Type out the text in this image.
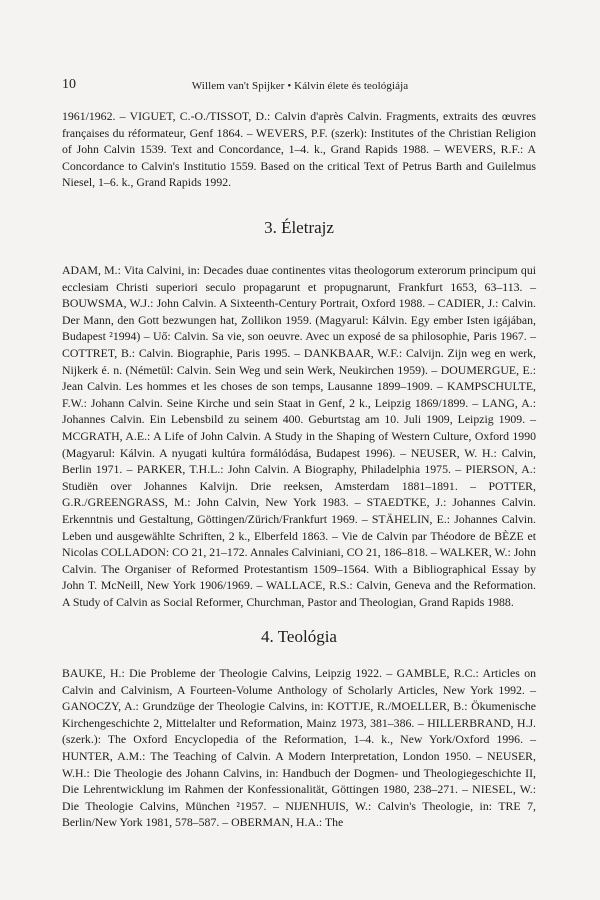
10	Willem van't Spijker • Kálvin élete és teológiája

1961/1962. – VIGUET, C.-O./TISSOT, D.: Calvin d'après Calvin. Fragments, extraits des œuvres françaises du réformateur, Genf 1864. – WEVERS, P.F. (szerk): Institutes of the Christian Religion of John Calvin 1539. Text and Concordance, 1–4. k., Grand Rapids 1988. – WEVERS, R.F.: A Concordance to Calvin's Institutio 1559. Based on the critical Text of Petrus Barth and Guilelmus Niesel, 1–6. k., Grand Rapids 1992.

3. Életrajz

ADAM, M.: Vita Calvini, in: Decades duae continentes vitas theologorum exterorum principum qui ecclesiam Christi superiori seculo propagarunt et propugnarunt, Frankfurt 1653, 63–113. – BOUWSMA, W.J.: John Calvin. A Sixteenth-Century Portrait, Oxford 1988. – CADIER, J.: Calvin. Der Mann, den Gott bezwungen hat, Zollikon 1959. (Magyarul: Kálvin. Egy ember Isten igájában, Budapest ²1994) – Uő: Calvin. Sa vie, son oeuvre. Avec un exposé de sa philosophie, Paris 1967. – COTTRET, B.: Calvin. Biographie, Paris 1995. – DANKBAAR, W.F.: Calvijn. Zijn weg en werk, Nijkerk é. n. (Németül: Calvin. Sein Weg und sein Werk, Neukirchen 1959). – DOUMERGUE, E.: Jean Calvin. Les hommes et les choses de son temps, Lausanne 1899–1909. – KAMPSCHULTE, F.W.: Johann Calvin. Seine Kirche und sein Staat in Genf, 2 k., Leipzig 1869/1899. – LANG, A.: Johannes Calvin. Ein Lebensbild zu seinem 400. Geburtstag am 10. Juli 1909, Leipzig 1909. – MCGRATH, A.E.: A Life of John Calvin. A Study in the Shaping of Western Culture, Oxford 1990 (Magyarul: Kálvin. A nyugati kultúra formálódása, Budapest 1996). – NEUSER, W. H.: Calvin, Berlin 1971. – PARKER, T.H.L.: John Calvin. A Biography, Philadelphia 1975. – PIERSON, A.: Studiën over Johannes Kalvijn. Drie reeksen, Amsterdam 1881–1891. – POTTER, G.R./GREENGRASS, M.: John Calvin, New York 1983. – STAEDTKE, J.: Johannes Calvin. Erkenntnis und Gestaltung, Göttingen/Zürich/Frankfurt 1969. – STÄHELIN, E.: Johannes Calvin. Leben und ausgewählte Schriften, 2 k., Elberfeld 1863. – Vie de Calvin par Théodore de BÈZE et Nicolas COLLADON: CO 21, 21–172. Annales Calviniani, CO 21, 186–818. – WALKER, W.: John Calvin. The Organiser of Reformed Protestantism 1509–1564. With a Bibliographical Essay by John T. McNeill, New York 1906/1969. – WALLACE, R.S.: Calvin, Geneva and the Reformation. A Study of Calvin as Social Reformer, Churchman, Pastor and Theologian, Grand Rapids 1988.

4. Teológia

BAUKE, H.: Die Probleme der Theologie Calvins, Leipzig 1922. – GAMBLE, R.C.: Articles on Calvin and Calvinism, A Fourteen-Volume Anthology of Scholarly Articles, New York 1992. – GANOCZY, A.: Grundzüge der Theologie Calvins, in: KOTTJE, R./MOELLER, B.: Ökumenische Kirchengeschichte 2, Mittelalter und Reformation, Mainz 1973, 381–386. – HILLERBRAND, H.J. (szerk.): The Oxford Encyclopedia of the Reformation, 1–4. k., New York/Oxford 1996. – HUNTER, A.M.: The Teaching of Calvin. A Modern Interpretation, London 1950. – NEUSER, W.H.: Die Theologie des Johann Calvins, in: Handbuch der Dogmen- und Theologiegeschichte II, Die Lehrentwicklung im Rahmen der Konfessionalität, Göttingen 1980, 238–271. – NIESEL, W.: Die Theologie Calvins, München ²1957. – NIJENHUIS, W.: Calvin's Theologie, in: TRE 7, Berlin/New York 1981, 578–587. – OBERMAN, H.A.: The
